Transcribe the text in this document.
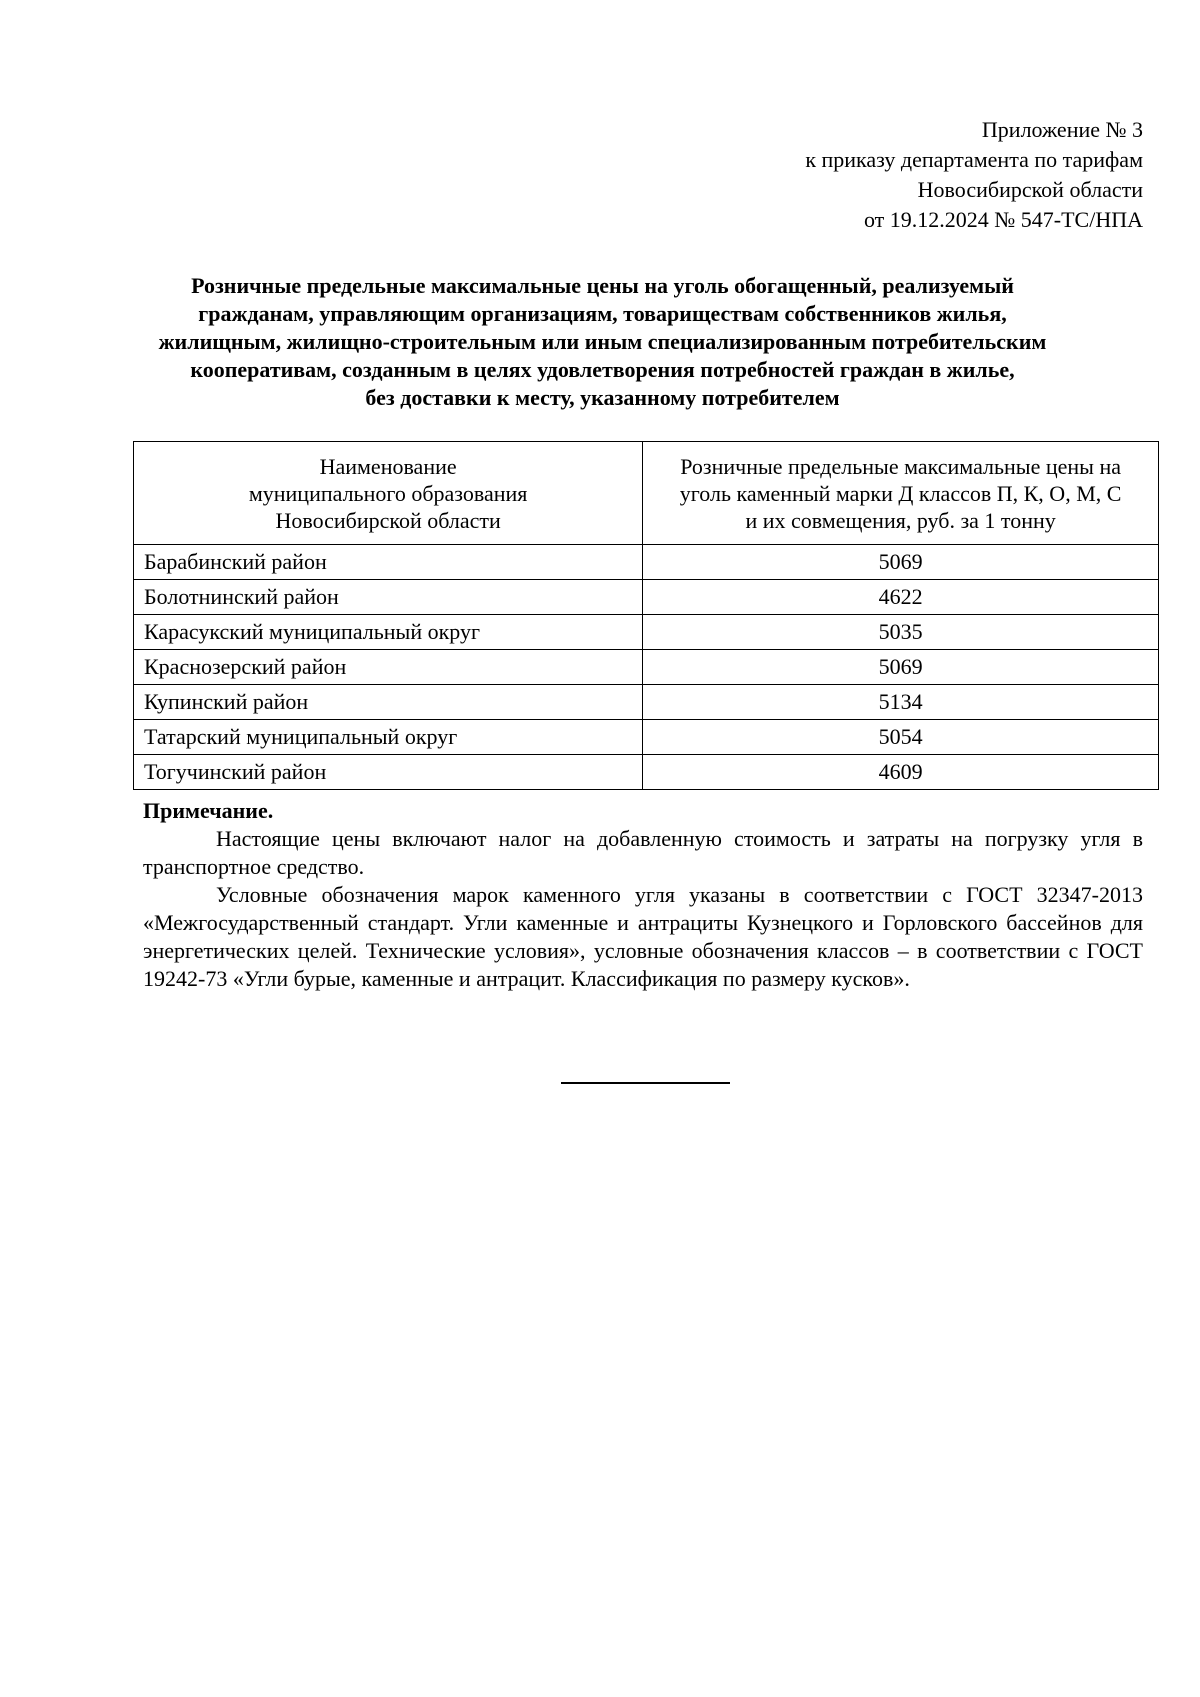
Приложение № 3
к приказу департамента по тарифам
Новосибирской области
от 19.12.2024 № 547-ТС/НПА
Розничные предельные максимальные цены на уголь обогащенный, реализуемый
гражданам, управляющим организациям, товариществам собственников жилья,
жилищным, жилищно-строительным или иным специализированным потребительским
кооперативам, созданным в целях удовлетворения потребностей граждан в жилье,
без доставки к месту, указанному потребителем
Наименование
муниципального образования
Новосибирской области	Розничные предельные максимальные цены на
уголь каменный марки Д классов П, К, О, М, С
и их совмещения, руб. за 1 тонну

Барабинский район	5069
Болотнинский район	4622
Карасукский муниципальный округ	5035
Краснозерский район	5069
Купинский район	5134
Татарский муниципальный округ	5054
Тогучинский район	4609
Примечание.

Настоящие цены включают налог на добавленную стоимость и затраты на погрузку угля в транспортное средство.

Условные обозначения марок каменного угля указаны в соответствии с ГОСТ 32347-2013 «Межгосударственный стандарт. Угли каменные и антрациты Кузнецкого и Горловского бассейнов для энергетических целей. Технические условия», условные обозначения классов – в соответствии с ГОСТ 19242-73 «Угли бурые, каменные и антрацит. Классификация по размеру кусков».
